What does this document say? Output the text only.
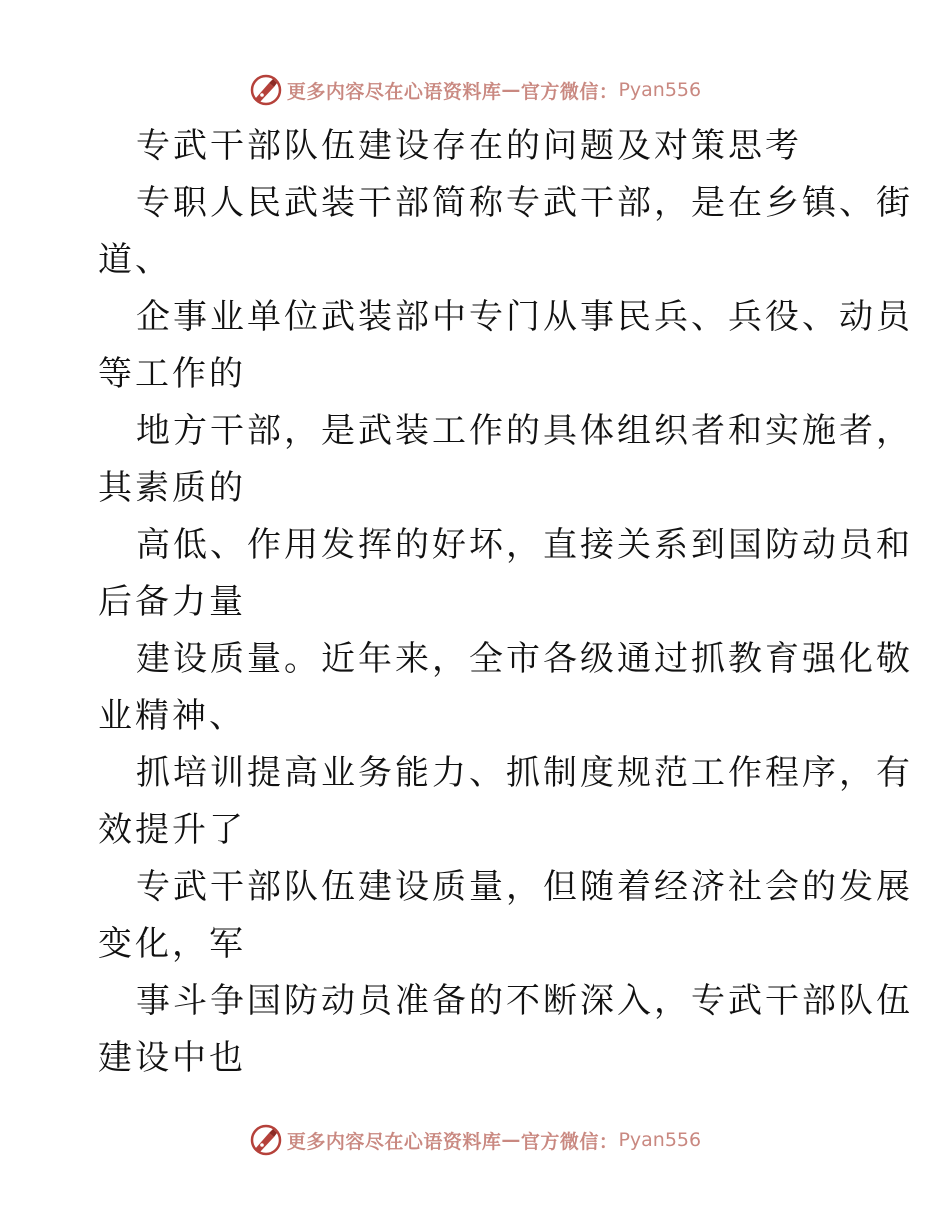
更多内容尽在心语资料库 — 官方微信： Pyan556
专武干部队伍建设存在的问题及对策思考
专职人民武装干部简称专武干部，是在乡镇、街
道、
企事业单位武装部中专门从事民兵、兵役、动员
等工作的
地方干部，是武装工作的具体组织者和实施者，
其素质的
高低、作用发挥的好坏，直接关系到国防动员和
后备力量
建设质量。近年来，全市各级通过抓教育强化敬
业精神、
抓培训提高业务能力、抓制度规范工作程序，有
效提升了
专武干部队伍建设质量，但随着经济社会的发展
变化，军
事斗争国防动员准备的不断深入，专武干部队伍
建设中也
更多内容尽在心语资料库 — 官方微信： Pyan556
